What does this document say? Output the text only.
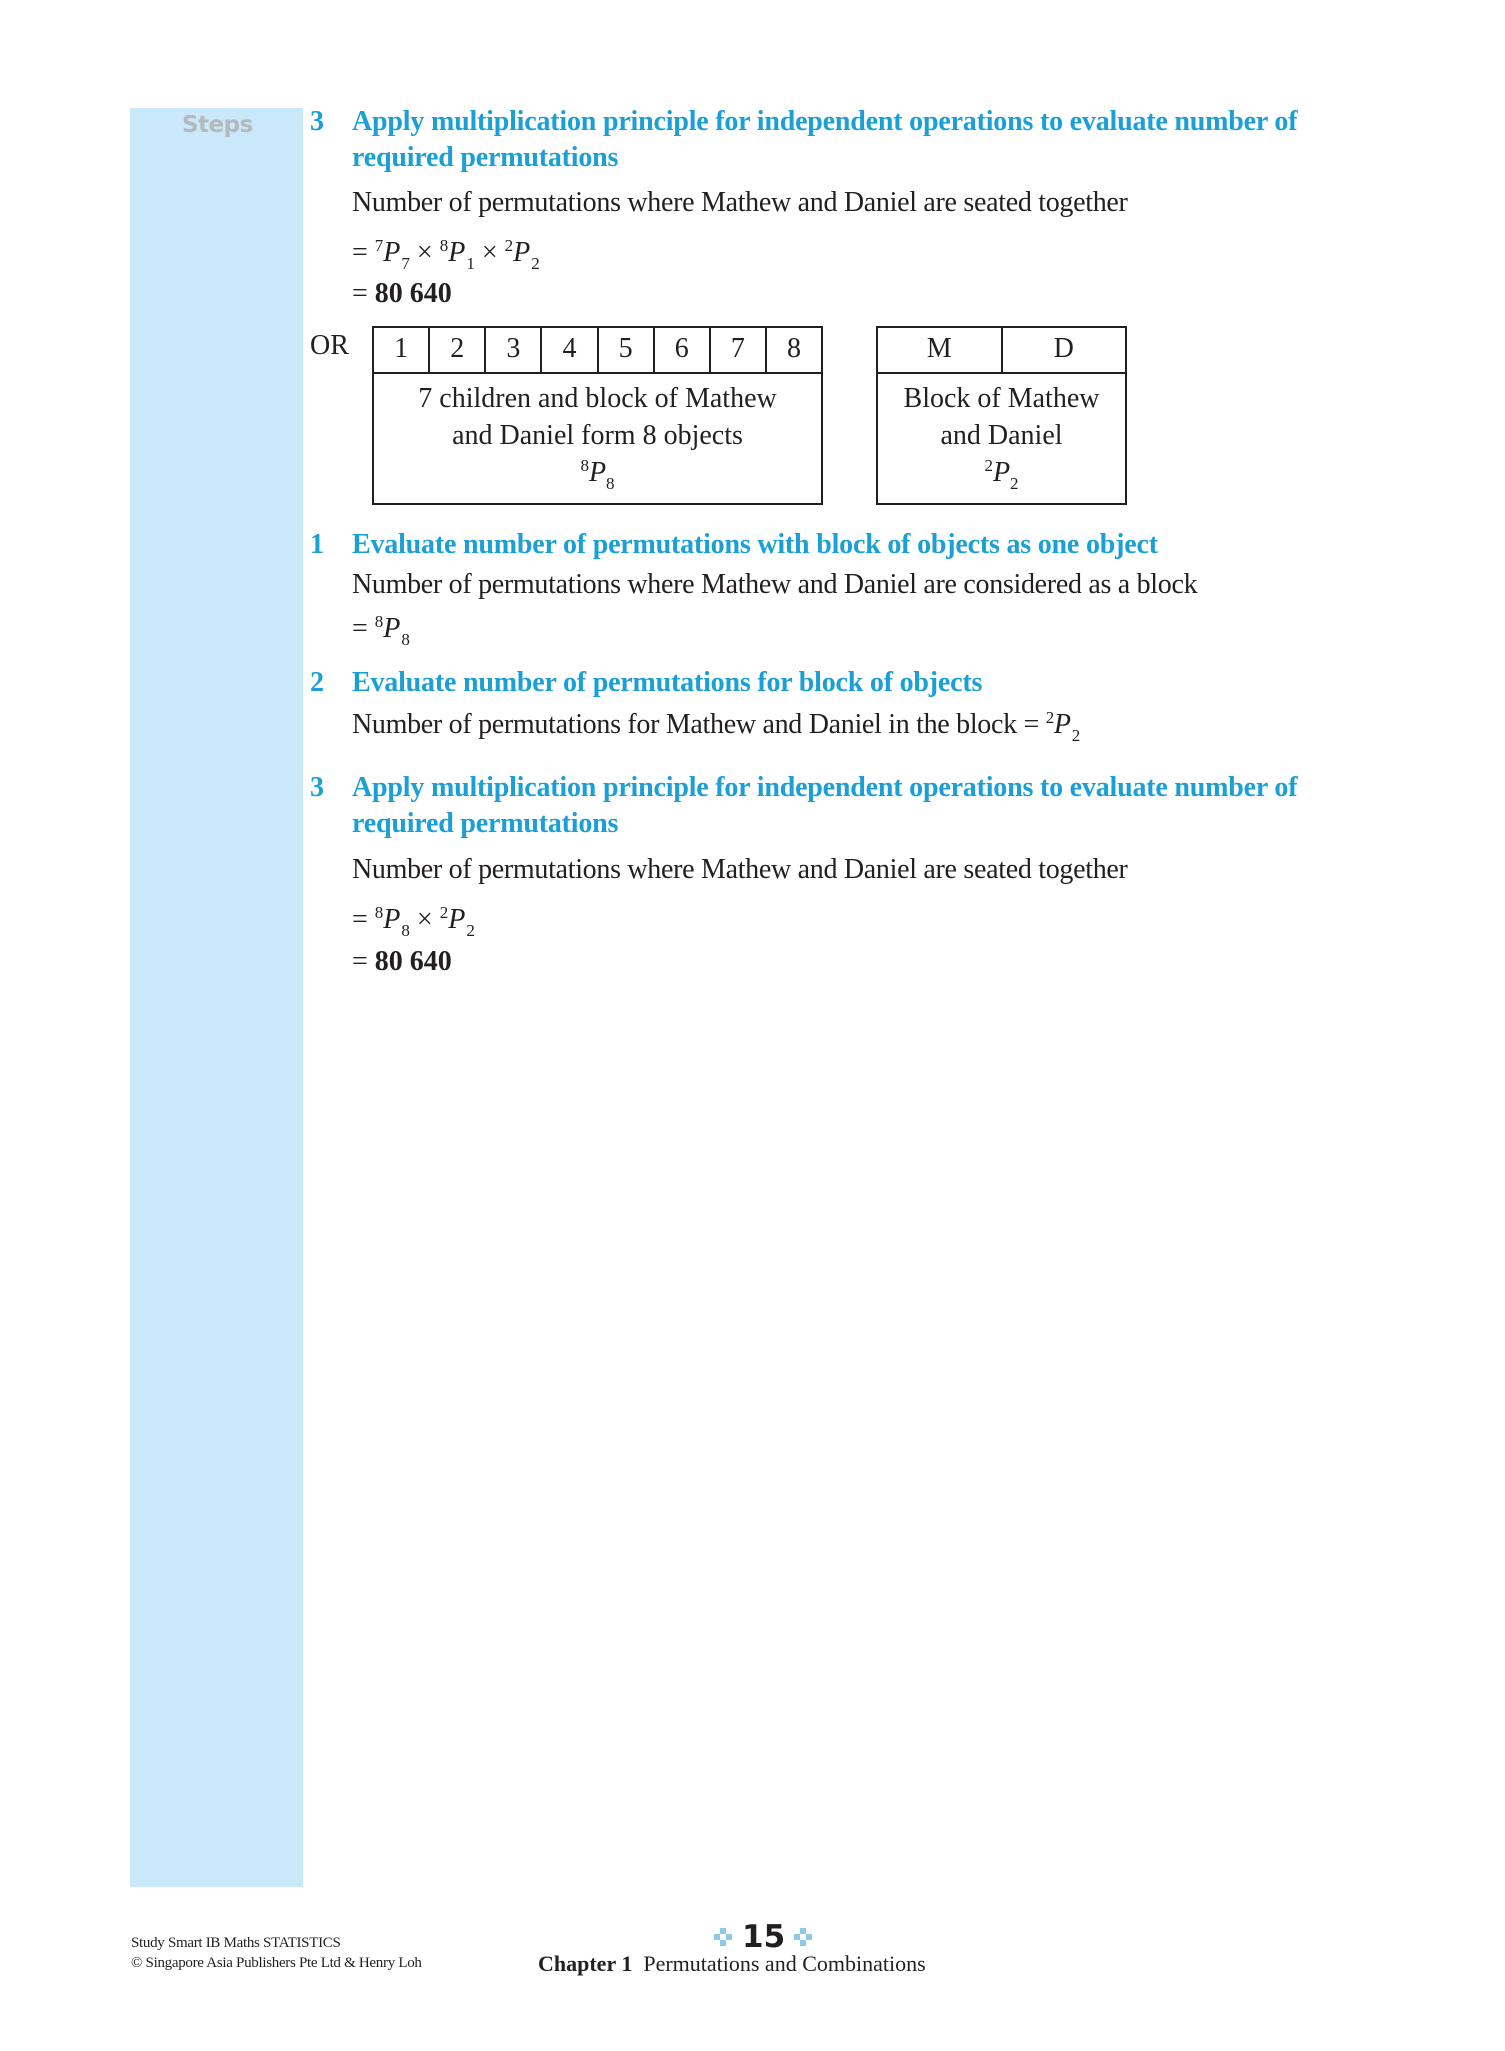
Steps	3 Apply multiplication principle for independent operations to evaluate number of
required permutations
Number of permutations where Mathew and Daniel are seated together
= $^7P_7 \times ^8P_1 \times ^2P_2$
= 80 640
OR	1	2	3	4	5	6	7	8
7 children and block of Mathew
and Daniel form 8 objects
$^8P_8$
M	D
Block of Mathew
and Daniel
$^2P_2$
1 Evaluate number of permutations with block of objects as one object
Number of permutations where Mathew and Daniel are considered as a block
= $^8P_8$
2 Evaluate number of permutations for block of objects
Number of permutations for Mathew and Daniel in the block = $^2P_2$
3 Apply multiplication principle for independent operations to evaluate number of
required permutations
Number of permutations where Mathew and Daniel are seated together
= $^8P_8 \times ^2P_2$
= 80 640
Study Smart IB Maths STATISTICS
© Singapore Asia Publishers Pte Ltd & Henry Loh
15
Chapter 1 Permutations and Combinations
